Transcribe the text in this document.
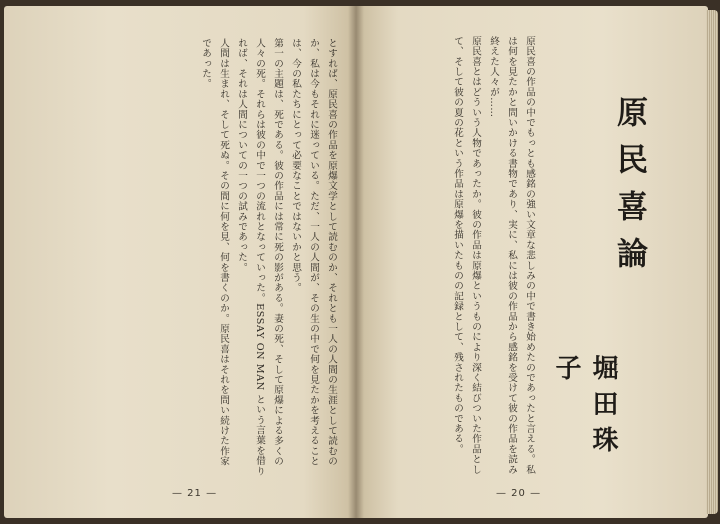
原民喜の作品の中でもっとも感銘の強い文章な悲しみの中で書き始めたのであったと言える。私は何を見たかと問いかける書物であり、実に、私には彼の作品から感銘を受けて彼の作品を読み終えた人々が……

原民喜とはどういう人物であったか。彼の作品は原爆というものにより深く結びついた作品として、そして彼の夏の花という作品は原爆を描いたものの記録として、残されたものである。	原民喜論
堀田珠子

とすれば、原民喜の作品を原爆文学として読むのか、それとも一人の人間の生涯として読むのか、私は今もそれに迷っている。ただ、一人の人間が、その生の中で何を見たかを考えることは、今の私たちにとって必要なことではないかと思う。

第一の主題は、死である。彼の作品には常に死の影がある。妻の死、そして原爆による多くの人々の死。それらは彼の中で一つの流れとなっていった。ESSAY ON MAN という言葉を借りれば、それは人間についての一つの試みであった。

人間は生まれ、そして死ぬ。その間に何を見、何を書くのか。原民喜はそれを問い続けた作家であった。

— 21 —	— 20 —
